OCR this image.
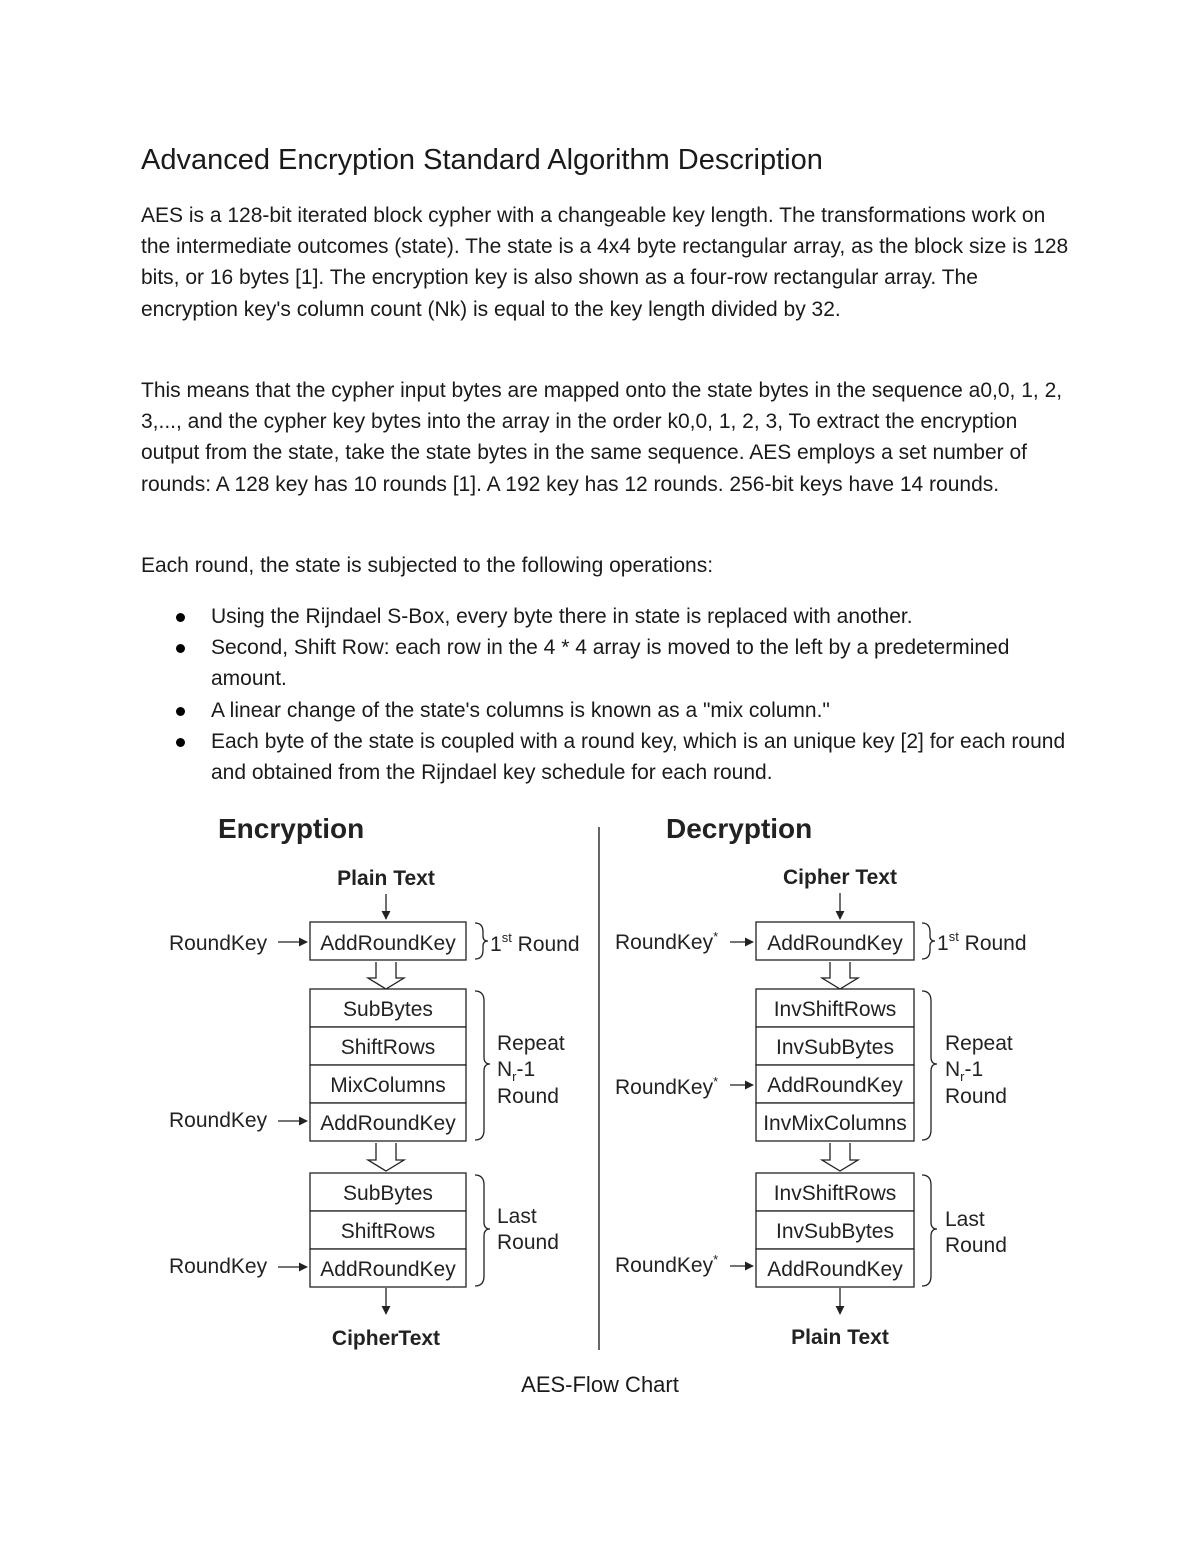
Advanced Encryption Standard Algorithm Description

AES is a 128-bit iterated block cypher with a changeable key length. The transformations work on the intermediate outcomes (state). The state is a 4x4 byte rectangular array, as the block size is 128 bits, or 16 bytes [1]. The encryption key is also shown as a four-row rectangular array. The encryption key's column count (Nk) is equal to the key length divided by 32.

This means that the cypher input bytes are mapped onto the state bytes in the sequence a0,0, 1, 2, 3,..., and the cypher key bytes into the array in the order k0,0, 1, 2, 3, To extract the encryption output from the state, take the state bytes in the same sequence. AES employs a set number of rounds: A 128 key has 10 rounds [1]. A 192 key has 12 rounds. 256-bit keys have 14 rounds.

Each round, the state is subjected to the following operations:

Using the Rijndael S-Box, every byte there in state is replaced with another.
Second, Shift Row: each row in the 4 * 4 array is moved to the left by a predetermined amount.
A linear change of the state's columns is known as a "mix column."
Each byte of the state is coupled with a round key, which is an unique key [2] for each round and obtained from the Rijndael key schedule for each round.
Encryption
Plain Text
AddRoundKey
RoundKey	1st Round
SubBytes
ShiftRows
MixColumns
AddRoundKey
RoundKey
Repeat
$N_r-1$
Round
SubBytes
ShiftRows
AddRoundKey
RoundKey
Last
Round
CipherText
Decryption
Cipher Text
AddRoundKey
RoundKey*	1st Round
InvShiftRows
InvSubBytes
AddRoundKey
InvMixColumns
RoundKey*
Repeat
$N_r-1$
Round
InvShiftRows
InvSubBytes
AddRoundKey
RoundKey*
Last
Round
Plain Text

AES-Flow Chart
